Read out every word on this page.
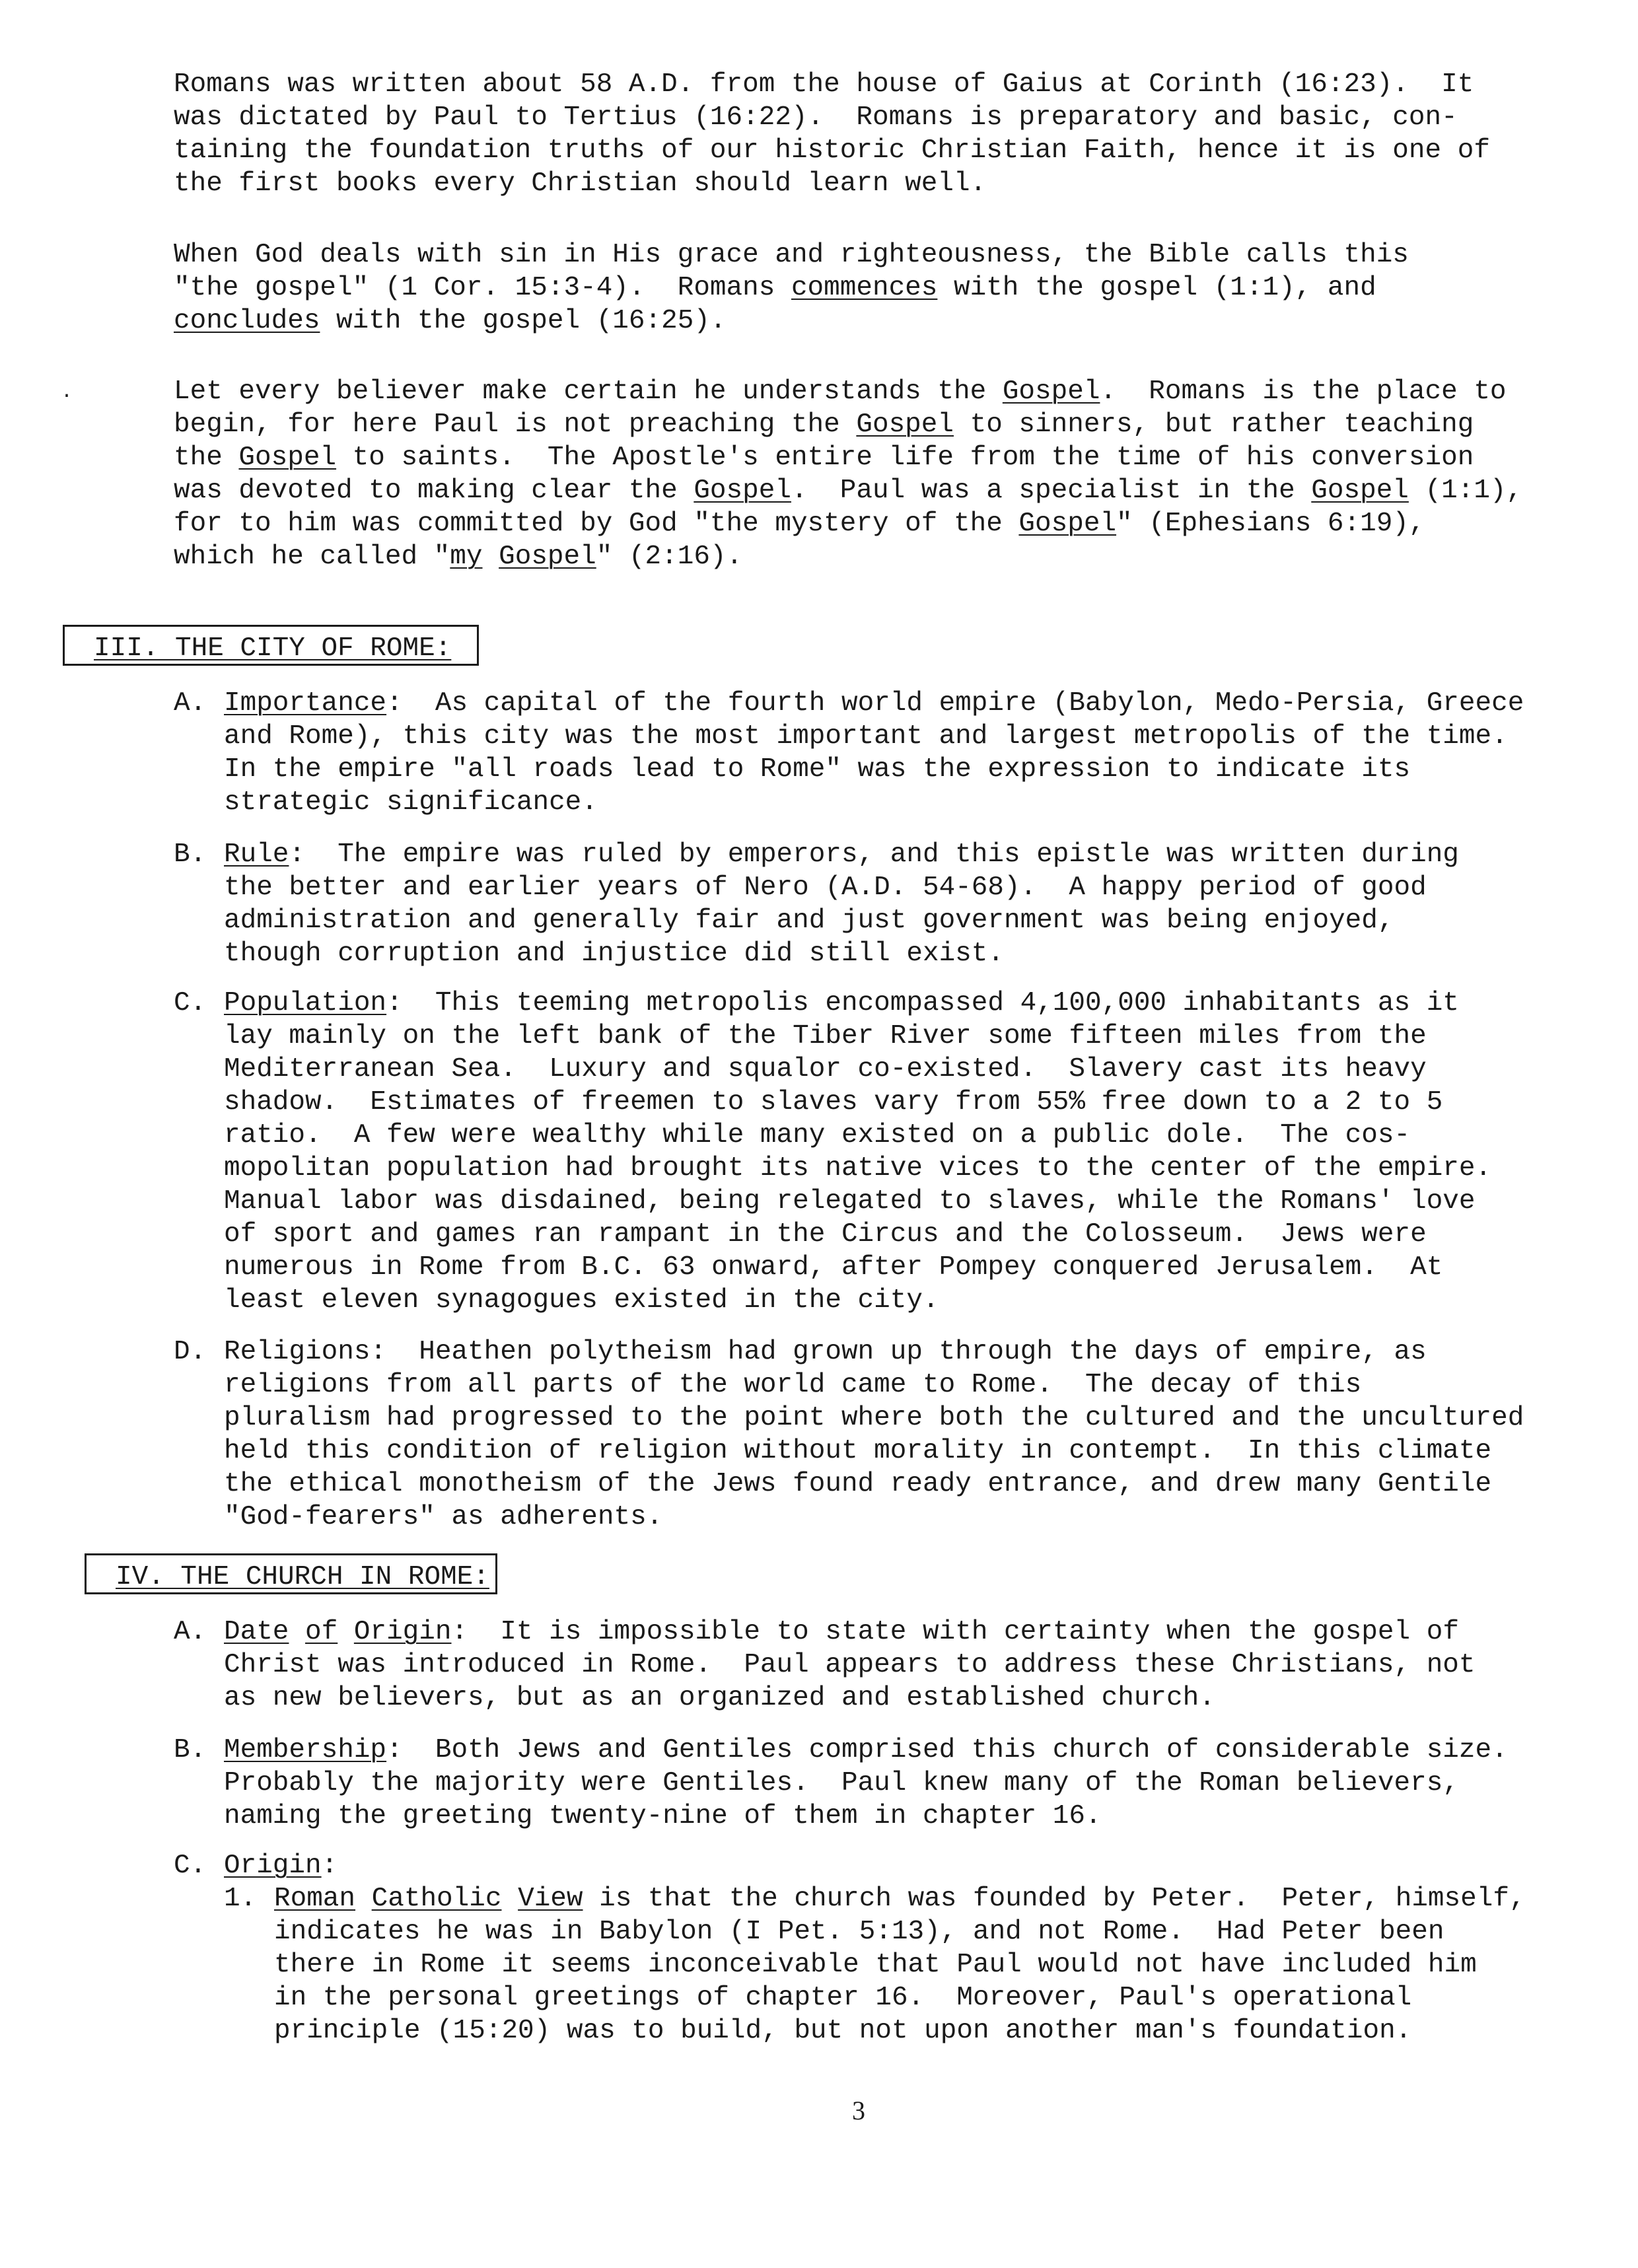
Romans was written about 58 A.D. from the house of Gaius at Corinth (16:23).  It
was dictated by Paul to Tertius (16:22).  Romans is preparatory and basic, con-
taining the foundation truths of our historic Christian Faith, hence it is one of
the first books every Christian should learn well.
When God deals with sin in His grace and righteousness, the Bible calls this
"the gospel" (1 Cor. 15:3-4).  Romans commences with the gospel (1:1), and
concludes with the gospel (16:25).
·	Let every believer make certain he understands the Gospel.  Romans is the place to
begin, for here Paul is not preaching the Gospel to sinners, but rather teaching
the Gospel to saints.  The Apostle's entire life from the time of his conversion
was devoted to making clear the Gospel.  Paul was a specialist in the Gospel (1:1),
for to him was committed by God "the mystery of the Gospel" (Ephesians 6:19),
which he called "my Gospel" (2:16).

III. THE CITY OF ROME:

A. Importance:  As capital of the fourth world empire (Babylon, Medo-Persia, Greece
and Rome), this city was the most important and largest metropolis of the time.
In the empire "all roads lead to Rome" was the expression to indicate its
strategic significance.
B. Rule:  The empire was ruled by emperors, and this epistle was written during
the better and earlier years of Nero (A.D. 54-68).  A happy period of good
administration and generally fair and just government was being enjoyed,
though corruption and injustice did still exist.
C. Population:  This teeming metropolis encompassed 4,100,000 inhabitants as it
lay mainly on the left bank of the Tiber River some fifteen miles from the
Mediterranean Sea.  Luxury and squalor co-existed.  Slavery cast its heavy
shadow.  Estimates of freemen to slaves vary from 55% free down to a 2 to 5
ratio.  A few were wealthy while many existed on a public dole.  The cos-
mopolitan population had brought its native vices to the center of the empire.
Manual labor was disdained, being relegated to slaves, while the Romans' love
of sport and games ran rampant in the Circus and the Colosseum.  Jews were
numerous in Rome from B.C. 63 onward, after Pompey conquered Jerusalem.  At
least eleven synagogues existed in the city.
D. Religions:  Heathen polytheism had grown up through the days of empire, as
religions from all parts of the world came to Rome.  The decay of this
pluralism had progressed to the point where both the cultured and the uncultured
held this condition of religion without morality in contempt.  In this climate
the ethical monotheism of the Jews found ready entrance, and drew many Gentile
"God-fearers" as adherents.

IV. THE CHURCH IN ROME:

A. Date of Origin:  It is impossible to state with certainty when the gospel of
Christ was introduced in Rome.  Paul appears to address these Christians, not
as new believers, but as an organized and established church.
B. Membership:  Both Jews and Gentiles comprised this church of considerable size.
Probably the majority were Gentiles.  Paul knew many of the Roman believers,
naming the greeting twenty-nine of them in chapter 16.
C. Origin:
1. Roman Catholic View is that the church was founded by Peter.  Peter, himself,
indicates he was in Babylon (I Pet. 5:13), and not Rome.  Had Peter been
there in Rome it seems inconceivable that Paul would not have included him
in the personal greetings of chapter 16.  Moreover, Paul's operational
principle (15:20) was to build, but not upon another man's foundation.
3
